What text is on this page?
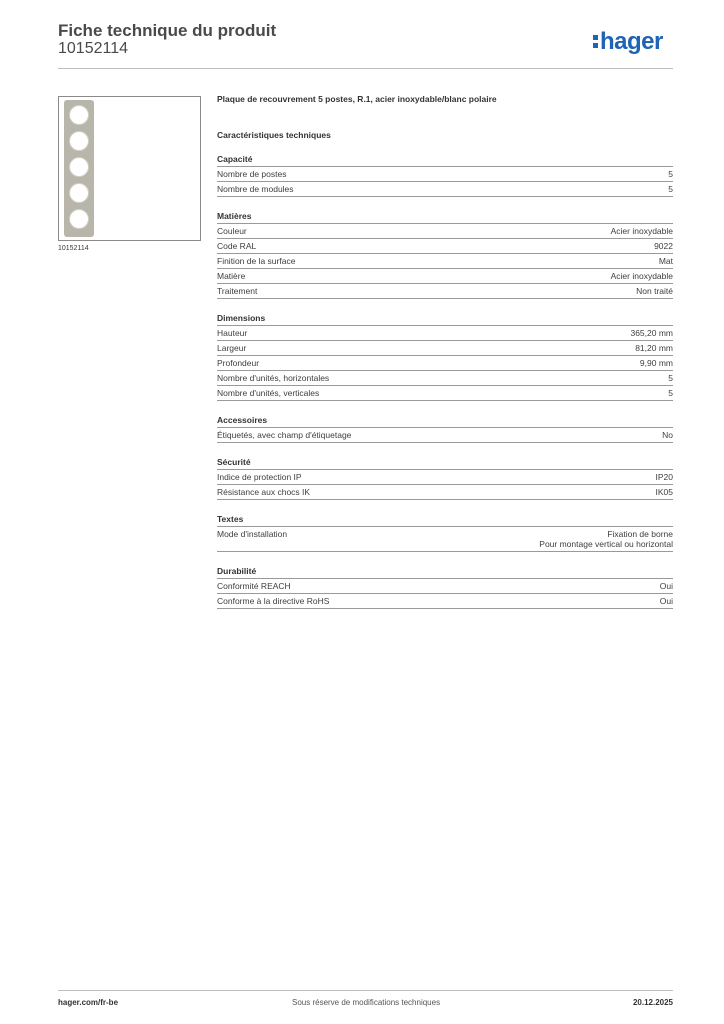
Fiche technique du produit
10152114	hager
10152114
Plaque de recouvrement 5 postes, R.1, acier inoxydable/blanc polaire
Caractéristiques techniques
Capacité
Nombre de postes	5
Nombre de modules	5
Matières
Couleur	Acier inoxydable
Code RAL	9022
Finition de la surface	Mat
Matière	Acier inoxydable
Traitement	Non traité
Dimensions
Hauteur	365,20 mm
Largeur	81,20 mm
Profondeur	9,90 mm
Nombre d'unités, horizontales	5
Nombre d'unités, verticales	5
Accessoires
Étiquetés, avec champ d'étiquetage	No
Sécurité
Indice de protection IP	IP20
Résistance aux chocs IK	IK05
Textes
Mode d'installation	Fixation de borne
Pour montage vertical ou horizontal
Durabilité
Conformité REACH	Oui
Conforme à la directive RoHS	Oui
hager.com/fr-be	Sous réserve de modifications techniques	20.12.2025
